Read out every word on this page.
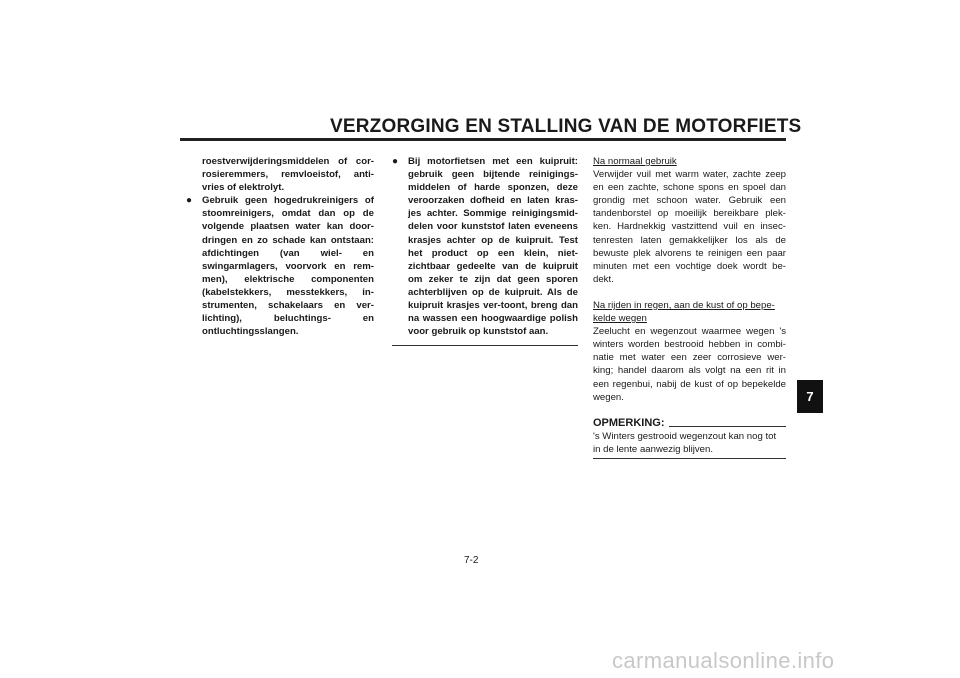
VERZORGING EN STALLING VAN DE MOTORFIETS
roestverwijderingsmiddelen of cor-rosieremmers, remvloeistof, anti-vries of elektrolyt.
● Gebruik geen hogedrukreinigers of stoomreinigers, omdat dan op de volgende plaatsen water kan door-dringen en zo schade kan ontstaan: afdichtingen (van wiel- en swingarmlagers, voorvork en rem-men), elektrische componenten (kabelstekkers, messtekkers, in-strumenten, schakelaars en ver-lichting), beluchtings- en ontluchtingsslangen.
● Bij motorfietsen met een kuipruit: gebruik geen bijtende reinigings-middelen of harde sponzen, deze veroorzaken dofheid en laten kras-jes achter. Sommige reinigingsmid-delen voor kunststof laten eveneens krasjes achter op de kuipruit. Test het product op een klein, niet-zichtbaar gedeelte van de kuipruit om zeker te zijn dat geen sporen achterblijven op de kuipruit. Als de kuipruit krasjes ver-toont, breng dan na wassen een hoogwaardige polish voor gebruik op kunststof aan.
Na normaal gebruik
Verwijder vuil met warm water, zachte zeep en een zachte, schone spons en spoel dan grondig met schoon water. Gebruik een tandenborstel op moeilijk bereikbare plek-ken. Hardnekkig vastzittend vuil en insec-tenresten laten gemakkelijker los als de bewuste plek alvorens te reinigen een paar minuten met een vochtige doek wordt be-dekt.
Na rijden in regen, aan de kust of op bepe-kelde wegen
Zeelucht en wegenzout waarmee wegen 's winters worden bestrooid hebben in combi-natie met water een zeer corrosieve wer-king; handel daarom als volgt na een rit in een regenbui, nabij de kust of op bepekelde wegen.
OPMERKING:
's Winters gestrooid wegenzout kan nog tot in de lente aanwezig blijven.
7
7-2
carmanualsonline.info
